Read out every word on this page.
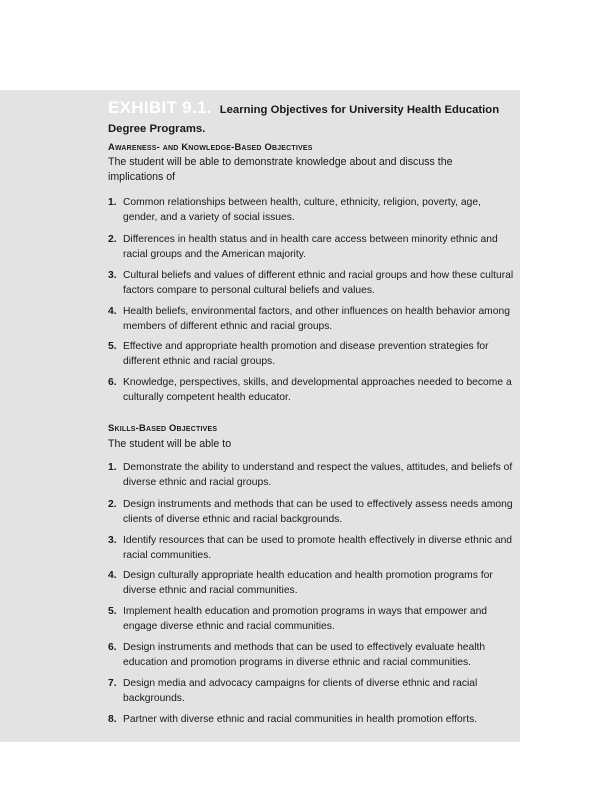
EXHIBIT 9.1. Learning Objectives for University Health Education Degree Programs.
Awareness- and Knowledge-Based Objectives
The student will be able to demonstrate knowledge about and discuss the implications of
1. Common relationships between health, culture, ethnicity, religion, poverty, age, gender, and a variety of social issues.
2. Differences in health status and in health care access between minority ethnic and racial groups and the American majority.
3. Cultural beliefs and values of different ethnic and racial groups and how these cultural factors compare to personal cultural beliefs and values.
4. Health beliefs, environmental factors, and other influences on health behavior among members of different ethnic and racial groups.
5. Effective and appropriate health promotion and disease prevention strategies for different ethnic and racial groups.
6. Knowledge, perspectives, skills, and developmental approaches needed to become a culturally competent health educator.
Skills-Based Objectives
The student will be able to
1. Demonstrate the ability to understand and respect the values, attitudes, and beliefs of diverse ethnic and racial groups.
2. Design instruments and methods that can be used to effectively assess needs among clients of diverse ethnic and racial backgrounds.
3. Identify resources that can be used to promote health effectively in diverse ethnic and racial communities.
4. Design culturally appropriate health education and health promotion programs for diverse ethnic and racial communities.
5. Implement health education and promotion programs in ways that empower and engage diverse ethnic and racial communities.
6. Design instruments and methods that can be used to effectively evaluate health education and promotion programs in diverse ethnic and racial communities.
7. Design media and advocacy campaigns for clients of diverse ethnic and racial backgrounds.
8. Partner with diverse ethnic and racial communities in health promotion efforts.
